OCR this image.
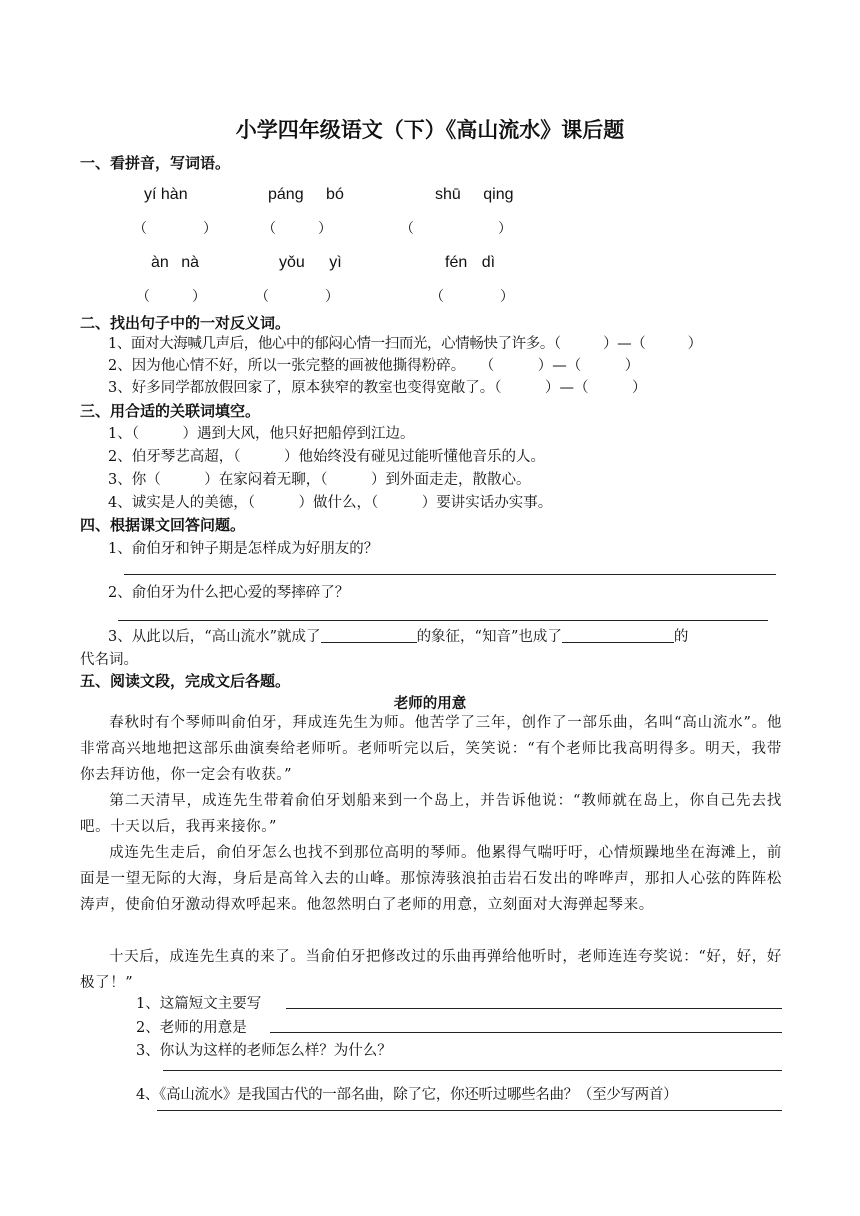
小学四年级语文（下）《高山流水》课后题
一、看拼音，写词语。
yí hàn	páng bó	shū qing
（　　　　）	（　　　）	（　　　　　　）
àn nà	yǒu yì	fén dì
（　　　）	（　　　　）	（　　　　）
二、找出句子中的一对反义词。
1、面对大海喊几声后，他心中的郁闷心情一扫而光，心情畅快了许多。（　　　）—（　　　）
2、因为他心情不好，所以一张完整的画被他撕得粉碎。　　（　　　）—（　　　）
3、好多同学都放假回家了，原本狭窄的教室也变得宽敞了。（　　　）—（　　　）
三、用合适的关联词填空。
1、（　　　）遇到大风，他只好把船停到江边。
2、伯牙琴艺高超，（　　　）他始终没有碰见过能听懂他音乐的人。
3、你（　　　）在家闷着无聊，（　　　）到外面走走，散散心。
4、诚实是人的美德，（　　　）做什么，（　　　）要讲实话办实事。
四、根据课文回答问题。
1、俞伯牙和钟子期是怎样成为好朋友的？
2、俞伯牙为什么把心爱的琴摔碎了？
3、从此以后，“高山流水”就成了	的象征，“知音”也成了	的
代名词。
五、阅读文段，完成文后各题。
老师的用意
春秋时有个琴师叫俞伯牙，拜成连先生为师。他苦学了三年，创作了一部乐曲，名叫“高山流水”。他非常高兴地地把这部乐曲演奏给老师听。老师听完以后，笑笑说：“有个老师比我高明得多。明天，我带你去拜访他，你一定会有收获。”
第二天清早，成连先生带着俞伯牙划船来到一个岛上，并告诉他说：“教师就在岛上，你自己先去找吧。十天以后，我再来接你。”
成连先生走后，俞伯牙怎么也找不到那位高明的琴师。他累得气喘吁吁，心情烦躁地坐在海滩上，前面是一望无际的大海，身后是高耸入去的山峰。那惊涛骇浪拍击岩石发出的哗哗声，那扣人心弦的阵阵松涛声，使俞伯牙激动得欢呼起来。他忽然明白了老师的用意，立刻面对大海弹起琴来。
十天后，成连先生真的来了。当俞伯牙把修改过的乐曲再弹给他听时，老师连连夸奖说：“好，好，好极了！”
1、这篇短文主要写
2、老师的用意是
3、你认为这样的老师怎么样？为什么？
4、《高山流水》是我国古代的一部名曲，除了它，你还听过哪些名曲？（至少写两首）
